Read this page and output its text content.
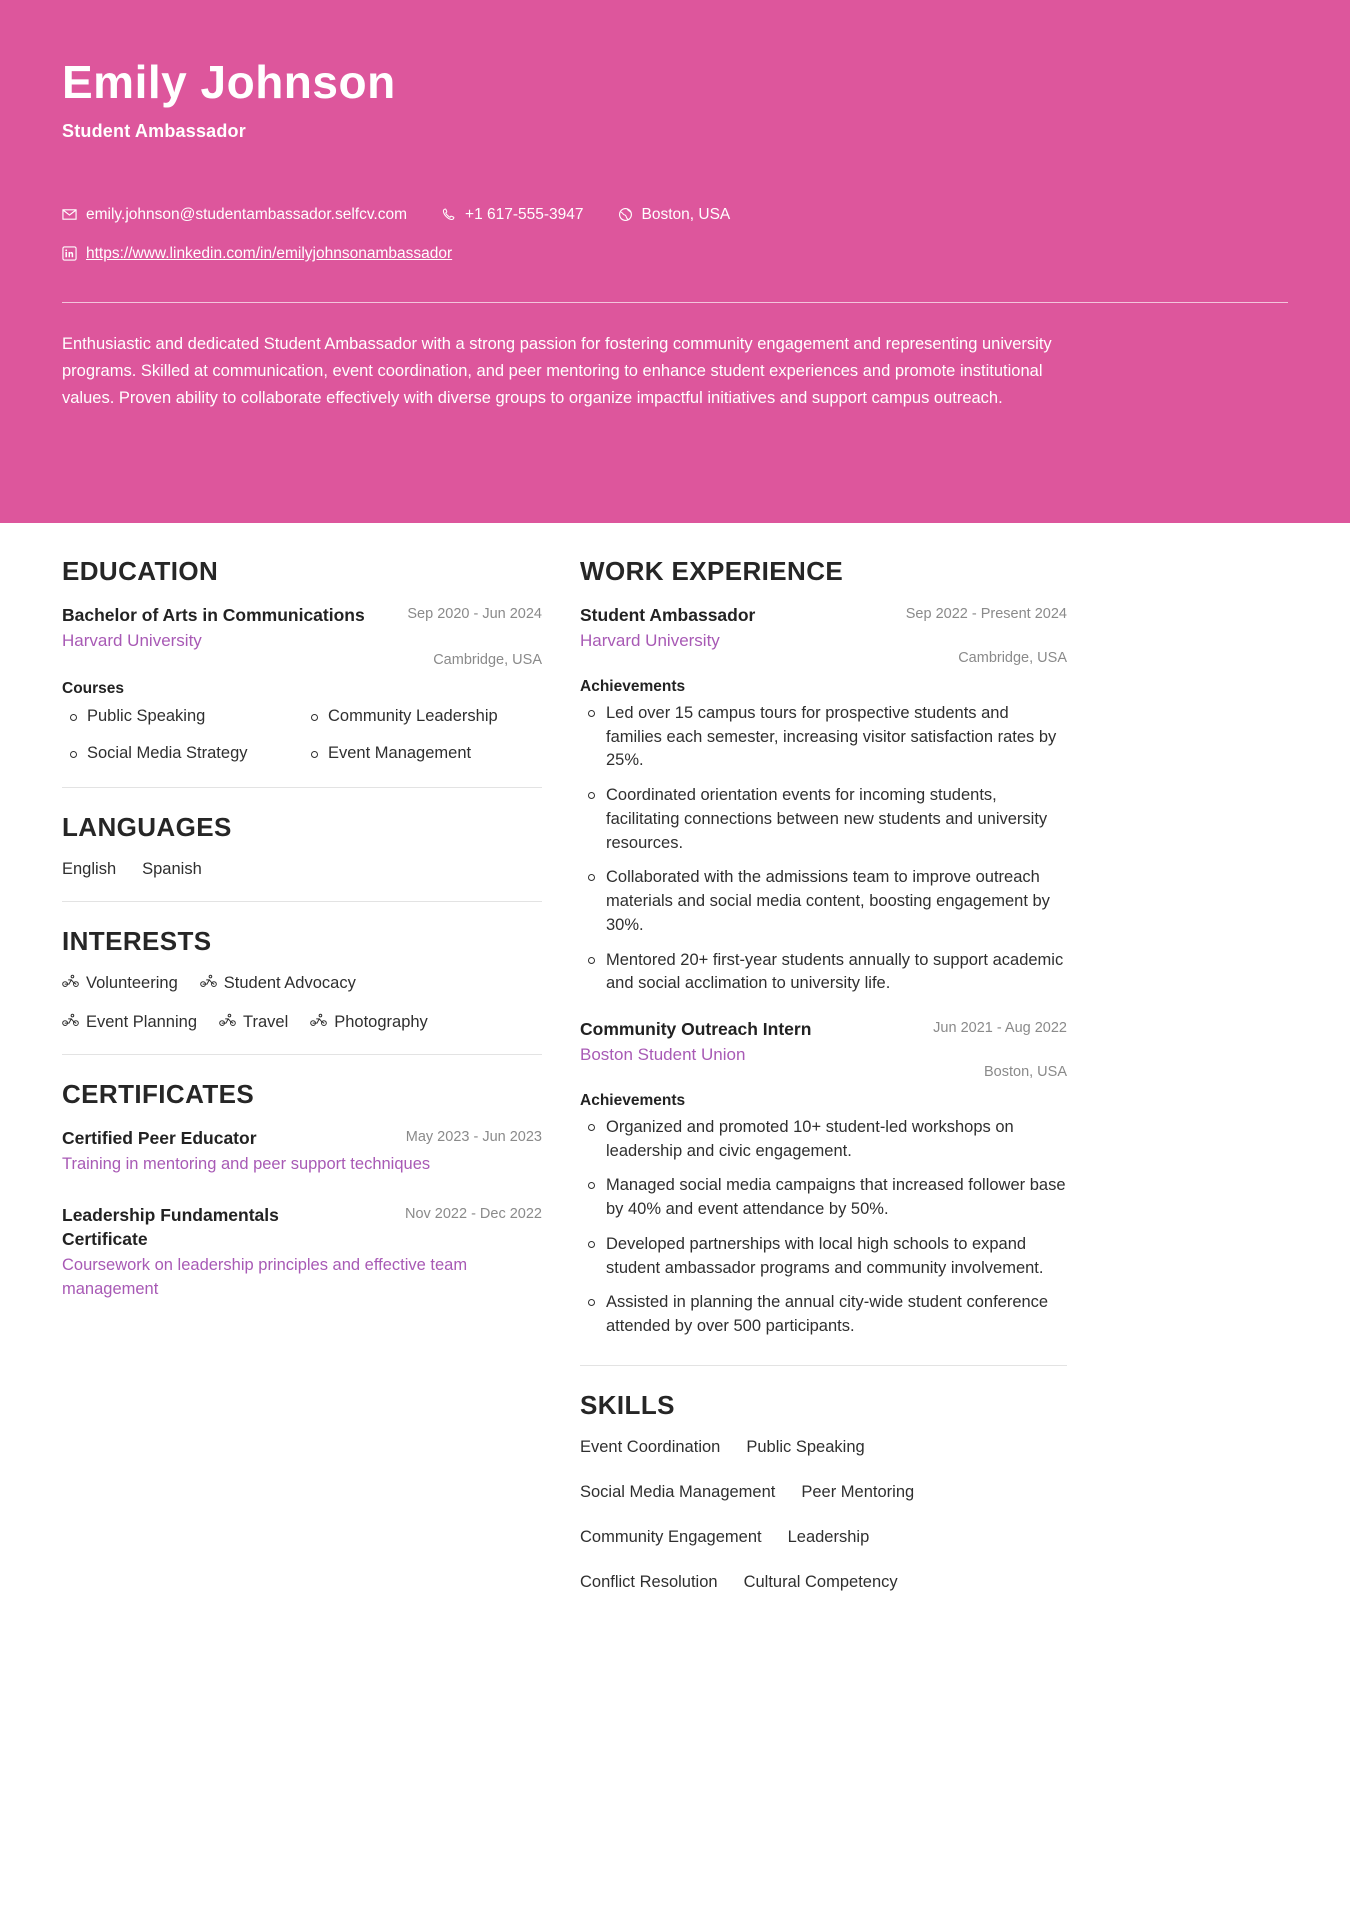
Emily Johnson
Student Ambassador
emily.johnson@studentambassador.selfcv.com	+1 617-555-3947	Boston, USA
https://www.linkedin.com/in/emilyjohnsonambassador
Enthusiastic and dedicated Student Ambassador with a strong passion for fostering community engagement and representing university programs. Skilled at communication, event coordination, and peer mentoring to enhance student experiences and promote institutional values. Proven ability to collaborate effectively with diverse groups to organize impactful initiatives and support campus outreach.
EDUCATION
Bachelor of Arts in Communications
Harvard University
Sep 2020 - Jun 2024
Cambridge, USA
Courses
Public Speaking	Community Leadership
Social Media Strategy	Event Management
LANGUAGES
English Spanish
INTERESTS
Volunteering	Student Advocacy
Event Planning	Travel	Photography
CERTIFICATES
Certified Peer Educator	May 2023 - Jun 2023
Training in mentoring and peer support techniques
Leadership Fundamentals Certificate
Nov 2022 - Dec 2022
Coursework on leadership principles and effective team management
WORK EXPERIENCE
Student Ambassador
Harvard University
Sep 2022 - Present 2024
Cambridge, USA
Achievements
Led over 15 campus tours for prospective students and families each semester, increasing visitor satisfaction rates by 25%.
Coordinated orientation events for incoming students, facilitating connections between new students and university resources.
Collaborated with the admissions team to improve outreach materials and social media content, boosting engagement by 30%.
Mentored 20+ first-year students annually to support academic and social acclimation to university life.
Community Outreach Intern
Boston Student Union
Jun 2021 - Aug 2022
Boston, USA
Achievements
Organized and promoted 10+ student-led workshops on leadership and civic engagement.
Managed social media campaigns that increased follower base by 40% and event attendance by 50%.
Developed partnerships with local high schools to expand student ambassador programs and community involvement.
Assisted in planning the annual city-wide student conference attended by over 500 participants.
SKILLS
Event Coordination Public Speaking
Social Media Management Peer Mentoring
Community Engagement Leadership
Conflict Resolution Cultural Competency
